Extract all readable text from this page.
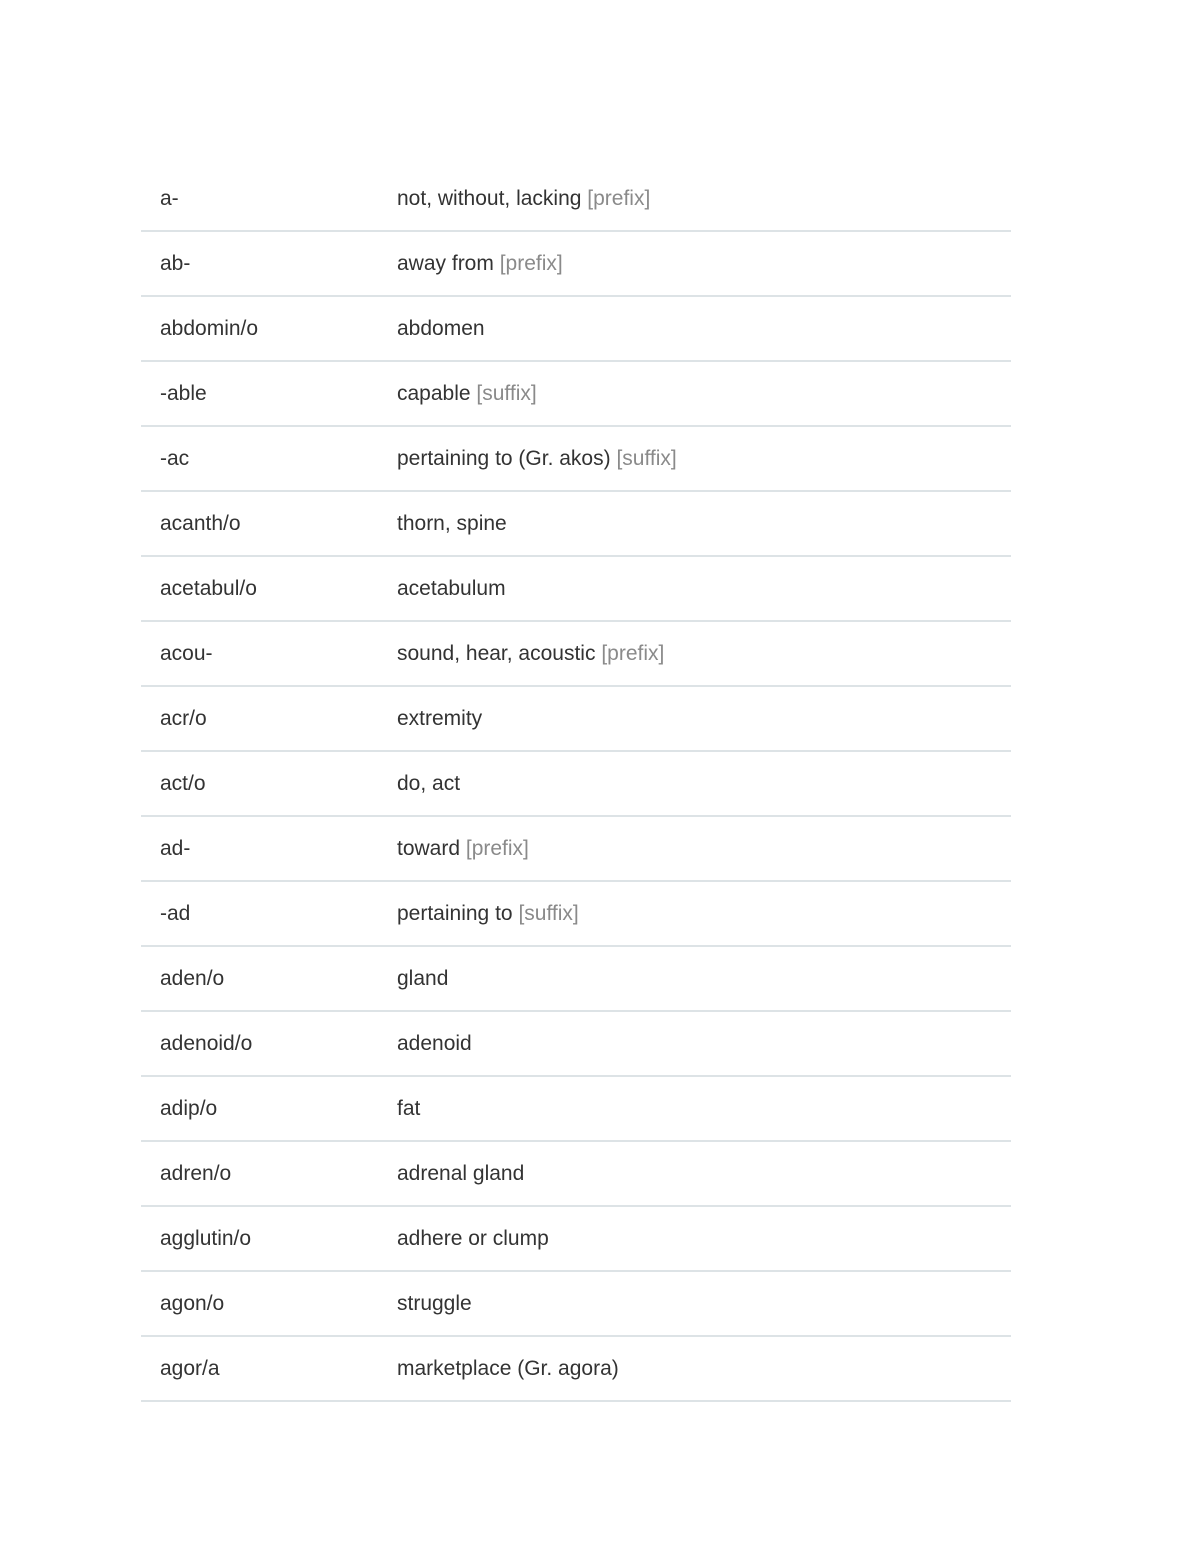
a-	not, without, lacking [prefix]
ab-	away from [prefix]
abdomin/o	abdomen
-able	capable [suffix]
-ac	pertaining to (Gr. akos) [suffix]
acanth/o	thorn, spine
acetabul/o	acetabulum
acou-	sound, hear, acoustic [prefix]
acr/o	extremity
act/o	do, act
ad-	toward [prefix]
-ad	pertaining to [suffix]
aden/o	gland
adenoid/o	adenoid
adip/o	fat
adren/o	adrenal gland
agglutin/o	adhere or clump
agon/o	struggle
agor/a	marketplace (Gr. agora)
